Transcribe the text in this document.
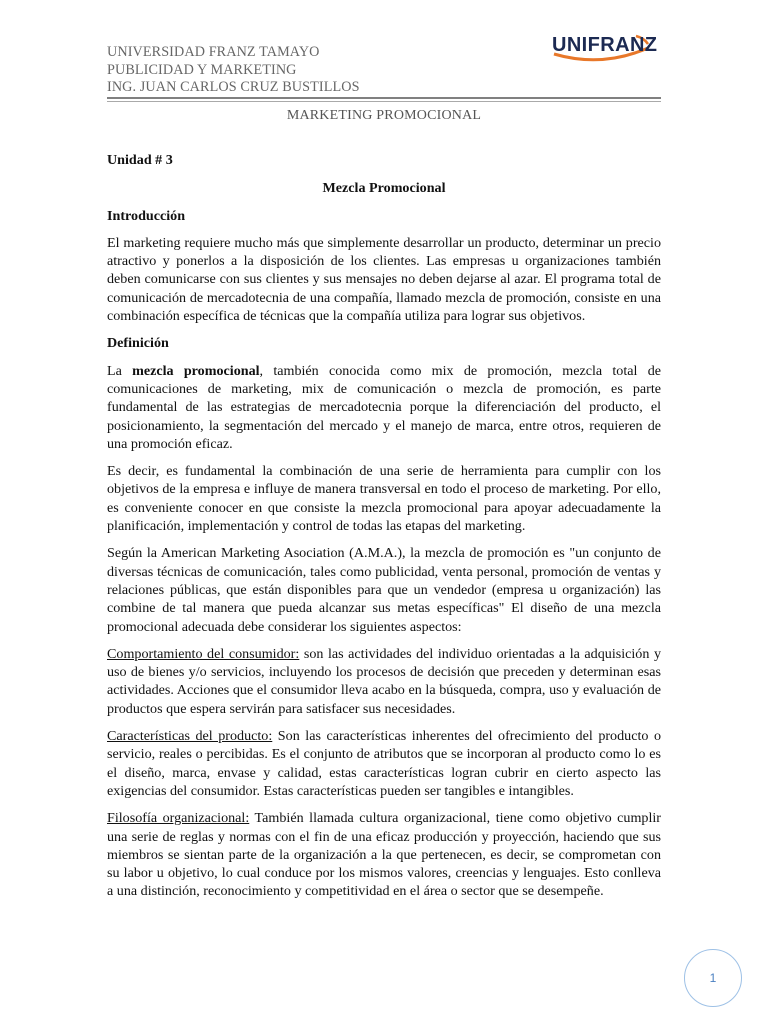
UNIVERSIDAD FRANZ TAMAYO
PUBLICIDAD Y MARKETING
ING. JUAN CARLOS CRUZ BUSTILLOS
UNIFRANZ
MARKETING PROMOCIONAL

Unidad # 3

Mezcla Promocional

Introducción

El marketing requiere mucho más que simplemente desarrollar un producto, determinar un precio atractivo y ponerlos a la disposición de los clientes. Las empresas u organizaciones también deben comunicarse con sus clientes y sus mensajes no deben dejarse al azar. El programa total de comunicación de mercadotecnia de una compañía, llamado mezcla de promoción, consiste en una combinación específica de técnicas que la compañía utiliza para lograr sus objetivos.

Definición

La mezcla promocional, también conocida como mix de promoción, mezcla total de comunicaciones de marketing, mix de comunicación o mezcla de promoción, es parte fundamental de las estrategias de mercadotecnia porque la diferenciación del producto, el posicionamiento, la segmentación del mercado y el manejo de marca, entre otros, requieren de una promoción eficaz.

Es decir, es fundamental la combinación de una serie de herramienta para cumplir con los objetivos de la empresa e influye de manera transversal en todo el proceso de marketing. Por ello, es conveniente conocer en que consiste la mezcla promocional para apoyar adecuadamente la planificación, implementación y control de todas las etapas del marketing.

Según la American Marketing Asociation (A.M.A.), la mezcla de promoción es "un conjunto de diversas técnicas de comunicación, tales como publicidad, venta personal, promoción de ventas y relaciones públicas, que están disponibles para que un vendedor (empresa u organización) las combine de tal manera que pueda alcanzar sus metas específicas" El diseño de una mezcla promocional adecuada debe considerar los siguientes aspectos:

Comportamiento del consumidor: son las actividades del individuo orientadas a la adquisición y uso de bienes y/o servicios, incluyendo los procesos de decisión que preceden y determinan esas actividades. Acciones que el consumidor lleva acabo en la búsqueda, compra, uso y evaluación de productos que espera servirán para satisfacer sus necesidades.

Características del producto: Son las características inherentes del ofrecimiento del producto o servicio, reales o percibidas. Es el conjunto de atributos que se incorporan al producto como lo es el diseño, marca, envase y calidad, estas características logran cubrir en cierto aspecto las exigencias del consumidor. Estas características pueden ser tangibles e intangibles.

Filosofía organizacional: También llamada cultura organizacional, tiene como objetivo cumplir una serie de reglas y normas con el fin de una eficaz producción y proyección, haciendo que sus miembros se sientan parte de la organización a la que pertenecen, es decir, se comprometan con su labor u objetivo, lo cual conduce por los mismos valores, creencias y lenguajes. Esto conlleva a una distinción, reconocimiento y competitividad en el área o sector que se desempeñe.

1
